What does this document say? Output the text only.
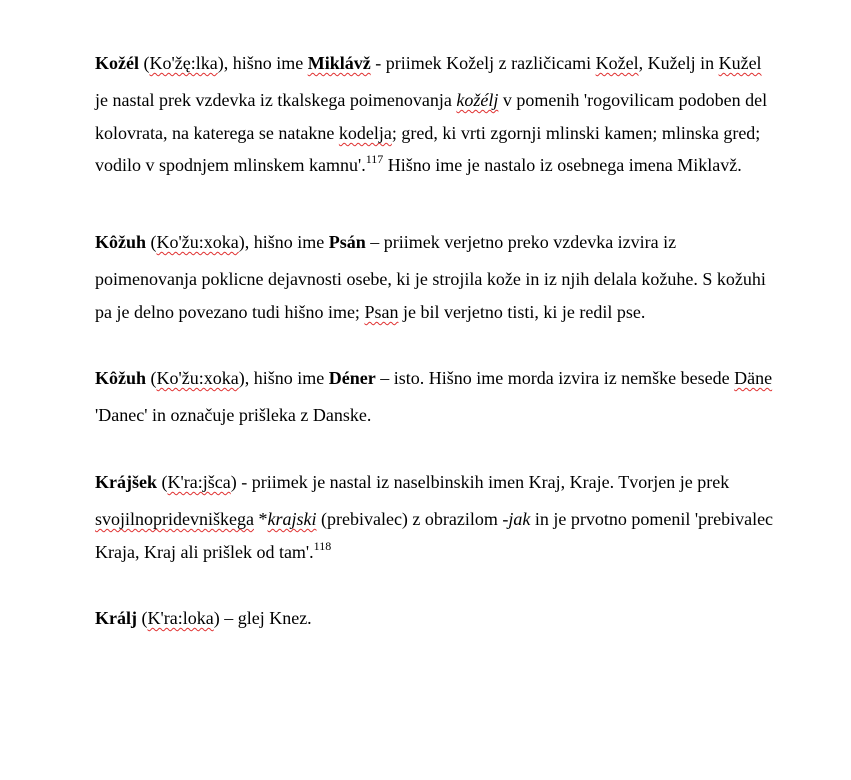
Kožél (Ko'žę:lka), hišno ime Miklávž - priimek Koželj z različicami Kožel, Kuželj in Kužel
je nastal prek vzdevka iz tkalskega poimenovanja kožélj v pomenih 'rogovilicam podoben del
kolovrata, na katerega se natakne kodelja; gred, ki vrti zgornji mlinski kamen; mlinska gred;
vodilo v spodnjem mlinskem kamnu'.$^{117}$ Hišno ime je nastalo iz osebnega imena Miklavž.
Kôžuh (Ko'žu:xoka), hišno ime Psán – priimek verjetno preko vzdevka izvira iz
poimenovanja poklicne dejavnosti osebe, ki je strojila kože in iz njih delala kožuhe. S kožuhi
pa je delno povezano tudi hišno ime; Psan je bil verjetno tisti, ki je redil pse.
Kôžuh (Ko'žu:xoka), hišno ime Déner – isto. Hišno ime morda izvira iz nemške besede Däne
'Danec' in označuje prišleka z Danske.
Krájšek (K'ra:jšca) - priimek je nastal iz naselbinskih imen Kraj, Kraje. Tvorjen je prek
svojilnopridevniškega *krajski (prebivalec) z obrazilom -jak in je prvotno pomenil 'prebivalec
Kraja, Kraj ali prišlek od tam'.$^{118}$
Králj (K'ra:loka) – glej Knez.
